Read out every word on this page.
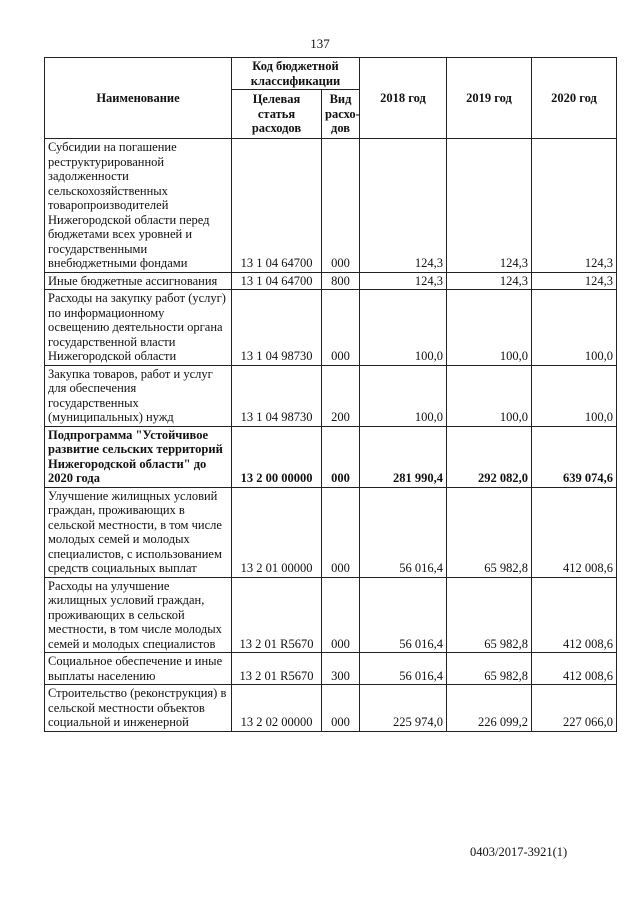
137
Наименование	Код бюджетной классификации		2018 год	2019 год	2020 год
	Целевая статья расходов	Вид расхо-дов			
Субсидии на погашение реструктурированной задолженности сельскохозяйственных товаропроизводителей Нижегородской области перед бюджетами всех уровней и государственными внебюджетными фондами	13 1 04 64700	000	124,3	124,3	124,3
Иные бюджетные ассигнования	13 1 04 64700	800	124,3	124,3	124,3
Расходы на закупку работ (услуг) по информационному освещению деятельности органа государственной власти Нижегородской области	13 1 04 98730	000	100,0	100,0	100,0
Закупка товаров, работ и услуг для обеспечения государственных (муниципальных) нужд	13 1 04 98730	200	100,0	100,0	100,0
Подпрограмма "Устойчивое развитие сельских территорий Нижегородской области" до 2020 года	13 2 00 00000	000	281 990,4	292 082,0	639 074,6
Улучшение жилищных условий граждан, проживающих в сельской местности, в том числе молодых семей и молодых специалистов, с использованием средств социальных выплат	13 2 01 00000	000	56 016,4	65 982,8	412 008,6
Расходы на улучшение жилищных условий граждан, проживающих в сельской местности, в том числе молодых семей и молодых специалистов	13 2 01 R5670	000	56 016,4	65 982,8	412 008,6
Социальное обеспечение и иные выплаты населению	13 2 01 R5670	300	56 016,4	65 982,8	412 008,6
Строительство (реконструкция) в сельской местности объектов социальной и инженерной	13 2 02 00000	000	225 974,0	226 099,2	227 066,0
0403/2017-3921(1)
